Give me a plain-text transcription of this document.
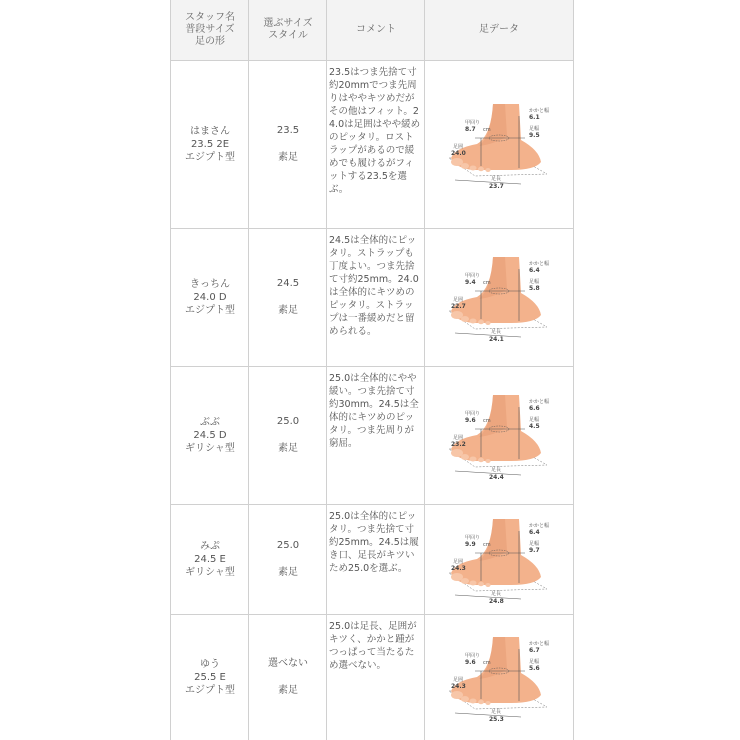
スタッフ名
普段サイズ
足の形
選ぶサイズ
スタイル
コメント	足データ
はまさん
23.5 2E
エジプト型
23.5
素足
23.5はつま先捨て寸約20mmでつま先周りはややキツめだがその他はフィット。24.0は足囲はやや緩めのピッタリ。ロストラップがあるので緩めでも履けるがフィットする23.5を選ぶ。
甲回り
8.7 cm
かかと幅
6.1
足幅
9.5
足囲
24.0
足長
23.7
きっちん
24.0 D
エジプト型
24.5
素足
24.5は全体的にピッタリ。ストラップも丁度よい。つま先捨て寸約25mm。24.0は全体的にキツめのピッタリ。ストラップは一番緩めだと留められる。
甲回り
9.4 cm
かかと幅
6.4
足幅
5.8
足囲
22.7
足長
24.1
ぶぶ
24.5 D
ギリシャ型
25.0
素足
25.0は全体的にやや緩い。つま先捨て寸約30mm。24.5は全体的にキツめのピッタリ。つま先周りが窮屈。
甲回り
9.6 cm
かかと幅
6.6
足幅
4.5
足囲
23.2
足長
24.4
みぷ
24.5 E
ギリシャ型
25.0
素足
25.0は全体的にピッタリ。つま先捨て寸約25mm。24.5は履き口、足長がキツいため25.0を選ぶ。
甲回り
9.9 cm
かかと幅
6.4
足幅
9.7
足囲
24.3
足長
24.8
ゆう
25.5 E
エジプト型
選べない
素足
25.0は足長、足囲がキツく、かかと踵がつっぱって当たるため選べない。
甲回り
9.6 cm
かかと幅
6.7
足幅
5.6
足囲
24.3
足長
25.3
